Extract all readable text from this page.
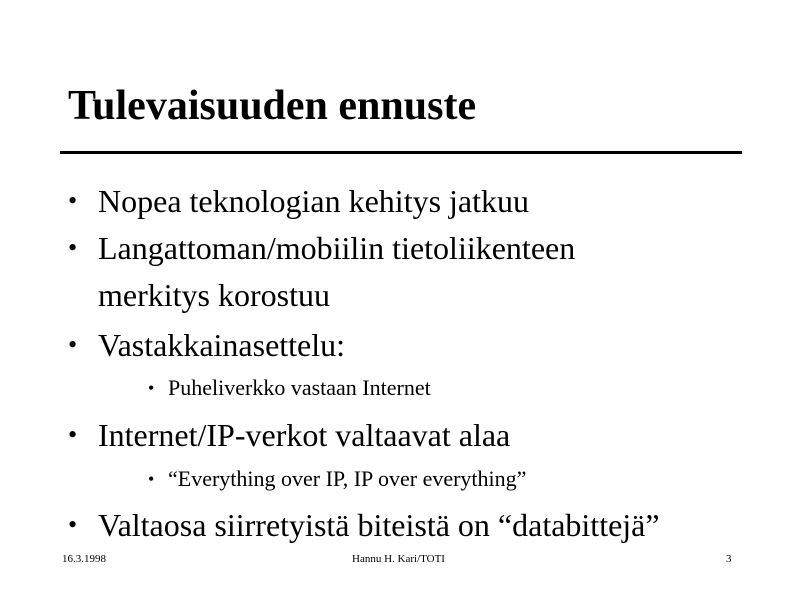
Tulevaisuuden ennuste
• Nopea teknologian kehitys jatkuu
• Langattoman/mobiilin tietoliikenteen
merkitys korostuu
• Vastakkainasettelu:
• Puheliverkko vastaan Internet
• Internet/IP-verkot valtaavat alaa
• “Everything over IP, IP over everything”
• Valtaosa siirretyistä biteistä on “databittejä”
16.3.1998	Hannu H. Kari/TOTI	3
